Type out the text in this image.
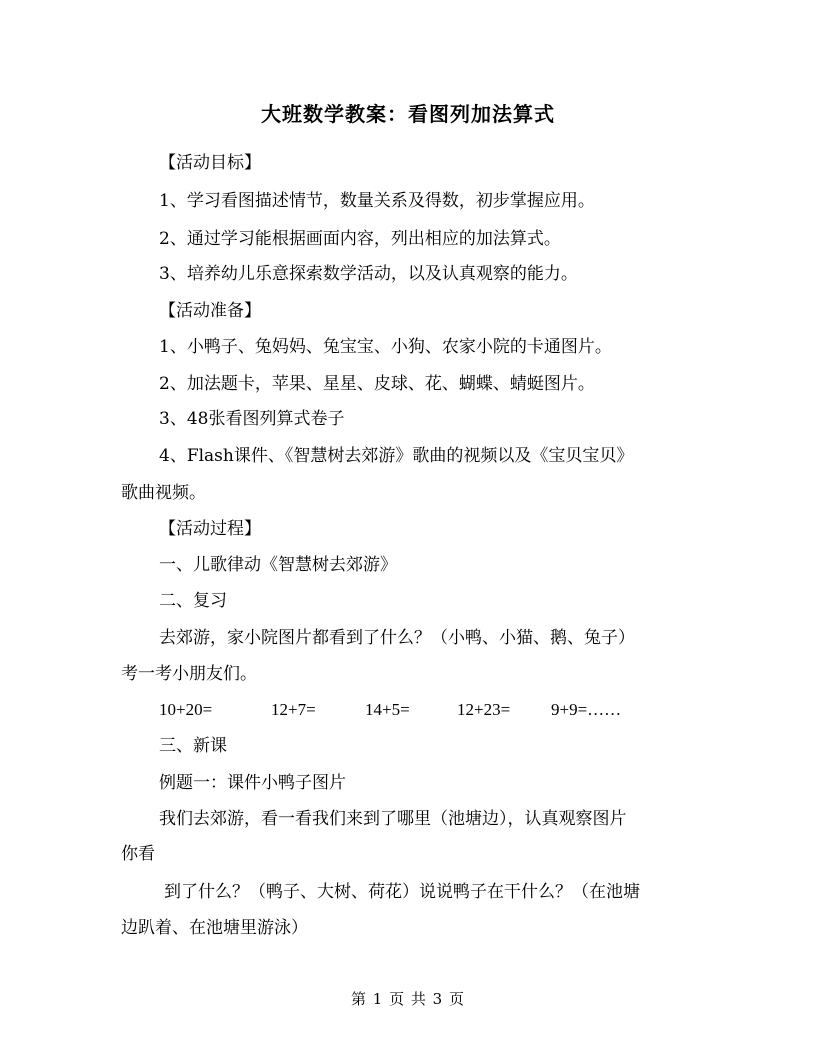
大班数学教案：看图列加法算式
【活动目标】
1、学习看图描述情节，数量关系及得数，初步掌握应用。
2、通过学习能根据画面内容，列出相应的加法算式。
3、培养幼儿乐意探索数学活动，以及认真观察的能力。
【活动准备】
1、小鸭子、兔妈妈、兔宝宝、小狗、农家小院的卡通图片。
2、加法题卡，苹果、星星、皮球、花、蝴蝶、蜻蜓图片。
3、48张看图列算式卷子
4、Flash课件、《智慧树去郊游》歌曲的视频以及《宝贝宝贝》
歌曲视频。
【活动过程】
一、儿歌律动《智慧树去郊游》
二、复习
去郊游，家小院图片都看到了什么？（小鸭、小猫、鹅、兔子）
考一考小朋友们。
10+20=	12+7=	14+5=	12+23= 9+9=……
三、新课
例题一：课件小鸭子图片
我们去郊游，看一看我们来到了哪里（池塘边），认真观察图片
你看
到了什么？（鸭子、大树、荷花）说说鸭子在干什么？（在池塘
边趴着、在池塘里游泳）
第 1 页 共 3 页
